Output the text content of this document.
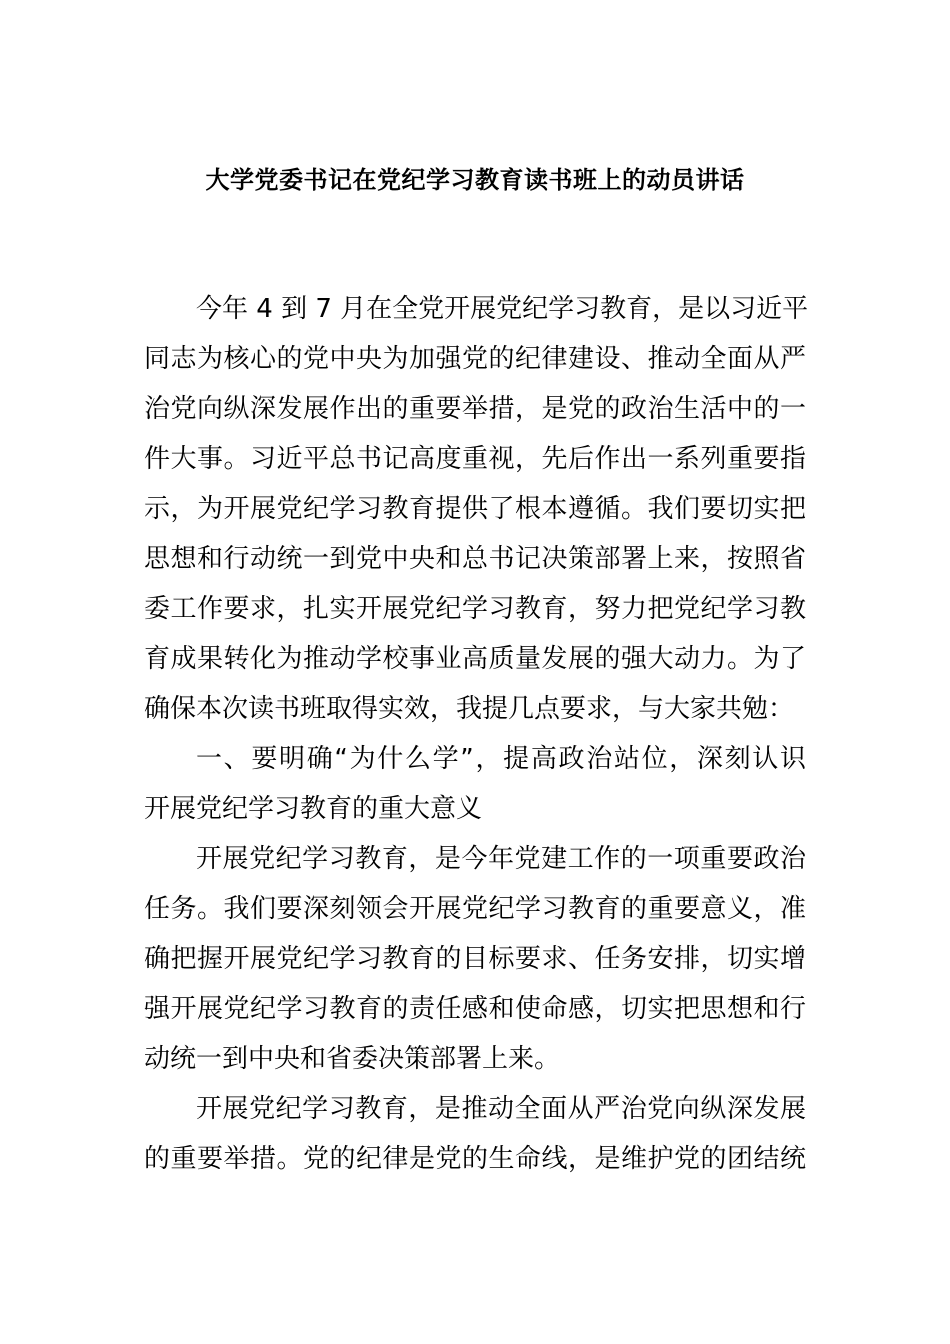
大学党委书记在党纪学习教育读书班上的动员讲话
今年 4 到 7 月在全党开展党纪学习教育，是以习近平
同志为核心的党中央为加强党的纪律建设、推动全面从严
治党向纵深发展作出的重要举措，是党的政治生活中的一
件大事。习近平总书记高度重视，先后作出一系列重要指
示，为开展党纪学习教育提供了根本遵循。我们要切实把
思想和行动统一到党中央和总书记决策部署上来，按照省
委工作要求，扎实开展党纪学习教育，努力把党纪学习教
育成果转化为推动学校事业高质量发展的强大动力。为了
确保本次读书班取得实效，我提几点要求，与大家共勉：
一、要明确“为什么学”，提高政治站位，深刻认识
开展党纪学习教育的重大意义
开展党纪学习教育，是今年党建工作的一项重要政治
任务。我们要深刻领会开展党纪学习教育的重要意义，准
确把握开展党纪学习教育的目标要求、任务安排，切实增
强开展党纪学习教育的责任感和使命感，切实把思想和行
动统一到中央和省委决策部署上来。
开展党纪学习教育，是推动全面从严治党向纵深发展
的重要举措。党的纪律是党的生命线，是维护党的团结统
